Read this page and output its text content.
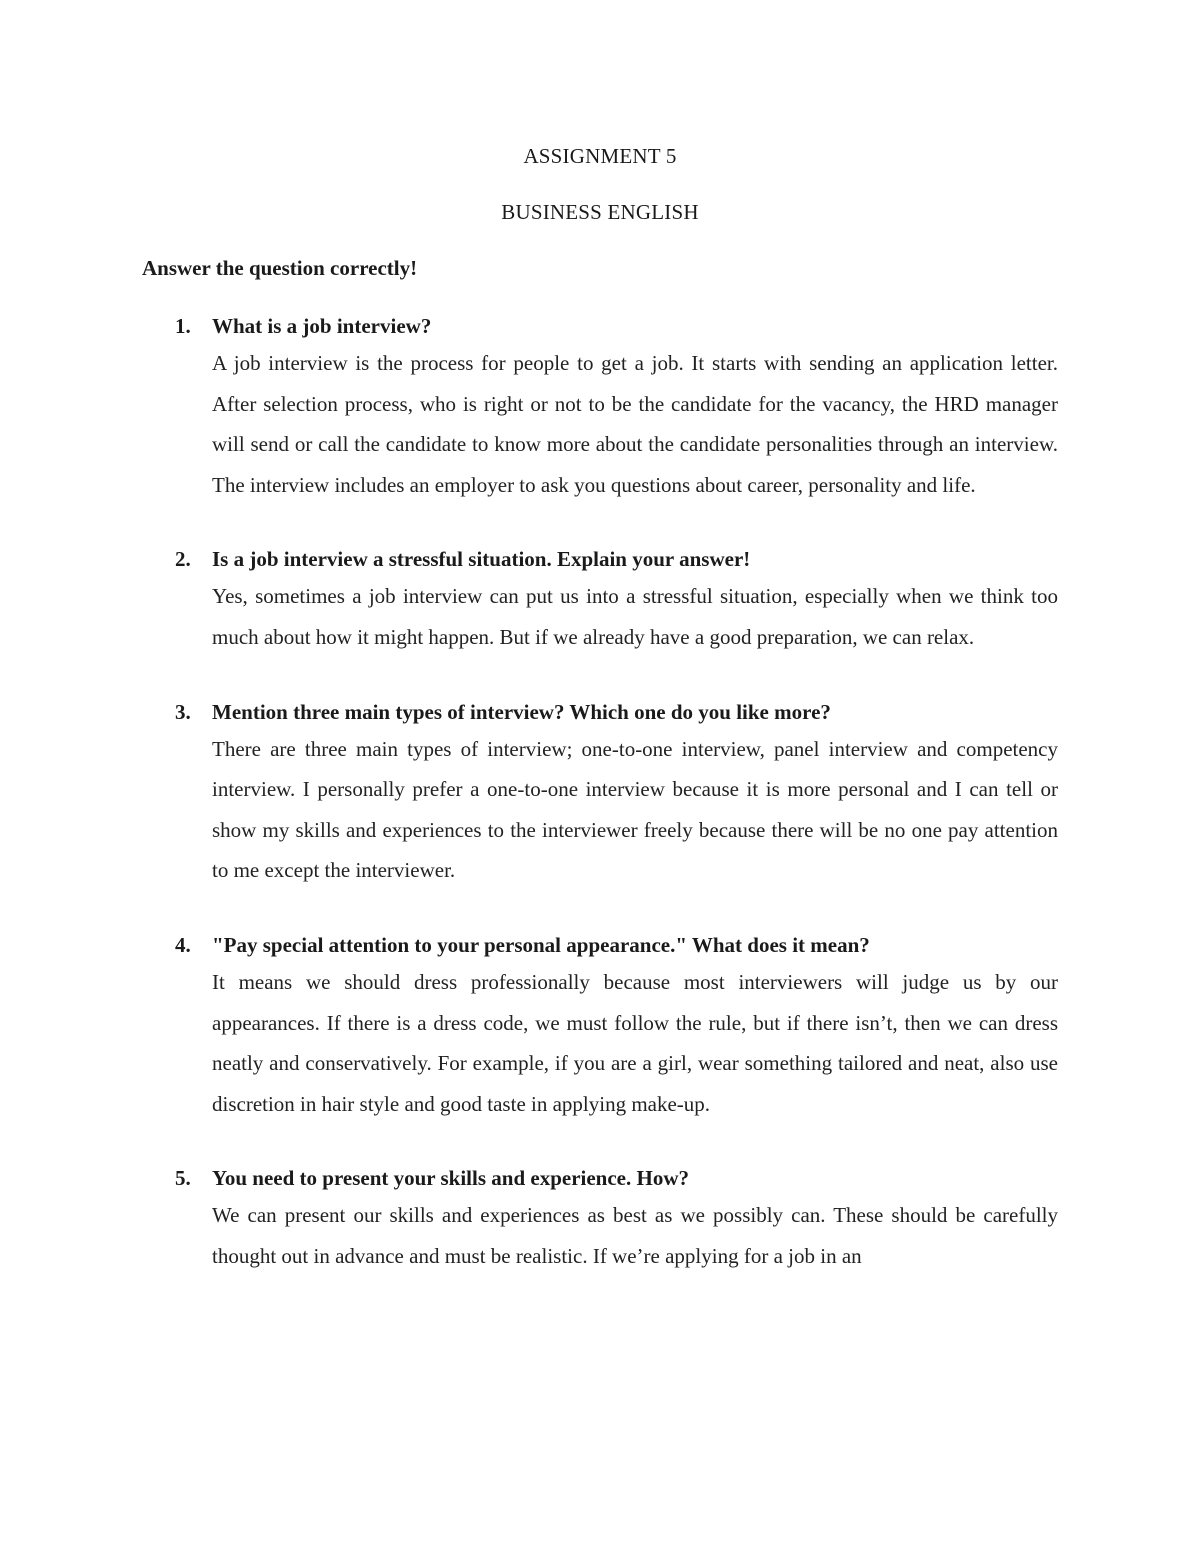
ASSIGNMENT 5
BUSINESS ENGLISH
Answer the question correctly!
1. What is a job interview?

A job interview is the process for people to get a job. It starts with sending an application letter. After selection process, who is right or not to be the candidate for the vacancy, the HRD manager will send or call the candidate to know more about the candidate personalities through an interview. The interview includes an employer to ask you questions about career, personality and life.

2. Is a job interview a stressful situation. Explain your answer!

Yes, sometimes a job interview can put us into a stressful situation, especially when we think too much about how it might happen. But if we already have a good preparation, we can relax.

3. Mention three main types of interview? Which one do you like more?

There are three main types of interview; one-to-one interview, panel interview and competency interview. I personally prefer a one-to-one interview because it is more personal and I can tell or show my skills and experiences to the interviewer freely because there will be no one pay attention to me except the interviewer.

4. "Pay special attention to your personal appearance." What does it mean?

It means we should dress professionally because most interviewers will judge us by our appearances. If there is a dress code, we must follow the rule, but if there isn’t, then we can dress neatly and conservatively. For example, if you are a girl, wear something tailored and neat, also use discretion in hair style and good taste in applying make-up.

5. You need to present your skills and experience. How?

We can present our skills and experiences as best as we possibly can. These should be carefully thought out in advance and must be realistic. If we’re applying for a job in an
